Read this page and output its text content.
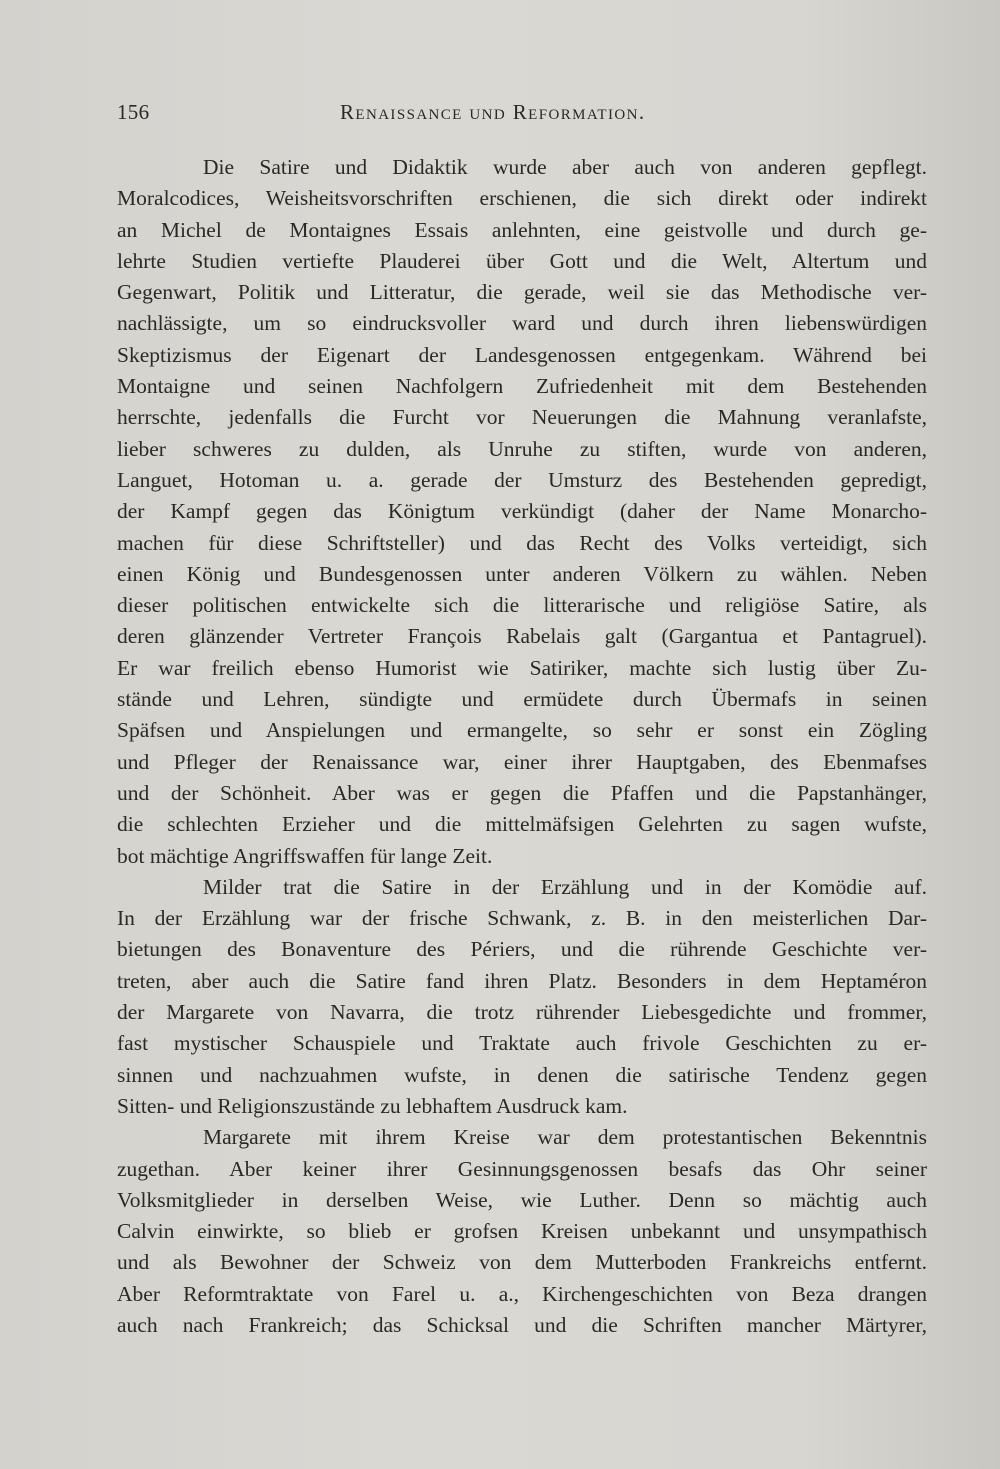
156	Renaissance und Reformation.
Die Satire und Didaktik wurde aber auch von anderen gepflegt.
Moralcodices, Weisheitsvorschriften erschienen, die sich direkt oder indirekt
an Michel de Montaignes Essais anlehnten, eine geistvolle und durch ge-
lehrte Studien vertiefte Plauderei über Gott und die Welt, Altertum und
Gegenwart, Politik und Litteratur, die gerade, weil sie das Methodische ver-
nachlässigte, um so eindrucksvoller ward und durch ihren liebenswürdigen
Skeptizismus der Eigenart der Landesgenossen entgegenkam. Während bei
Montaigne und seinen Nachfolgern Zufriedenheit mit dem Bestehenden
herrschte, jedenfalls die Furcht vor Neuerungen die Mahnung veranlafste,
lieber schweres zu dulden, als Unruhe zu stiften, wurde von anderen,
Languet, Hotoman u. a. gerade der Umsturz des Bestehenden gepredigt,
der Kampf gegen das Königtum verkündigt (daher der Name Monarcho-
machen für diese Schriftsteller) und das Recht des Volks verteidigt, sich
einen König und Bundesgenossen unter anderen Völkern zu wählen. Neben
dieser politischen entwickelte sich die litterarische und religiöse Satire, als
deren glänzender Vertreter François Rabelais galt (Gargantua et Pantagruel).
Er war freilich ebenso Humorist wie Satiriker, machte sich lustig über Zu-
stände und Lehren, sündigte und ermüdete durch Übermafs in seinen
Späfsen und Anspielungen und ermangelte, so sehr er sonst ein Zögling
und Pfleger der Renaissance war, einer ihrer Hauptgaben, des Ebenmafses
und der Schönheit. Aber was er gegen die Pfaffen und die Papstanhänger,
die schlechten Erzieher und die mittelmäfsigen Gelehrten zu sagen wufste,
bot mächtige Angriffswaffen für lange Zeit.
Milder trat die Satire in der Erzählung und in der Komödie auf.
In der Erzählung war der frische Schwank, z. B. in den meisterlichen Dar-
bietungen des Bonaventure des Périers, und die rührende Geschichte ver-
treten, aber auch die Satire fand ihren Platz. Besonders in dem Heptaméron
der Margarete von Navarra, die trotz rührender Liebesgedichte und frommer,
fast mystischer Schauspiele und Traktate auch frivole Geschichten zu er-
sinnen und nachzuahmen wufste, in denen die satirische Tendenz gegen
Sitten- und Religionszustände zu lebhaftem Ausdruck kam.
Margarete mit ihrem Kreise war dem protestantischen Bekenntnis
zugethan. Aber keiner ihrer Gesinnungsgenossen besafs das Ohr seiner
Volksmitglieder in derselben Weise, wie Luther. Denn so mächtig auch
Calvin einwirkte, so blieb er grofsen Kreisen unbekannt und unsympathisch
und als Bewohner der Schweiz von dem Mutterboden Frankreichs entfernt.
Aber Reformtraktate von Farel u. a., Kirchengeschichten von Beza drangen
auch nach Frankreich; das Schicksal und die Schriften mancher Märtyrer,
